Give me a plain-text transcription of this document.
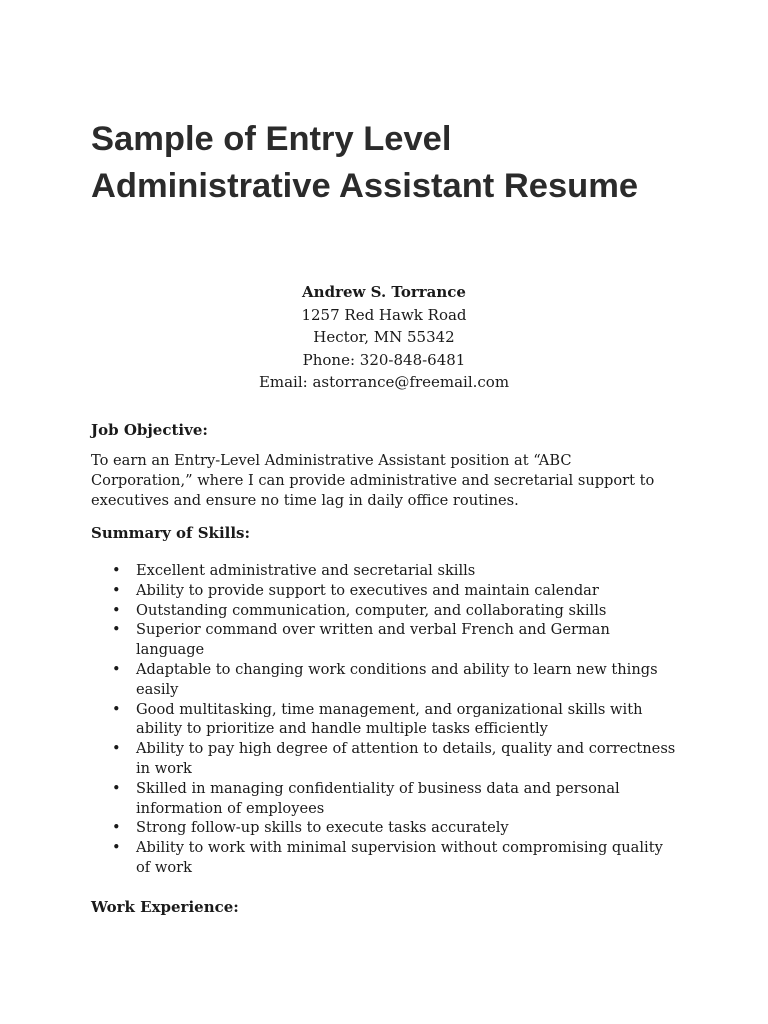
Sample of Entry Level
Administrative Assistant Resume
Andrew S. Torrance
1257 Red Hawk Road
Hector, MN 55342
Phone: 320-848-6481
Email: astorrance@freemail.com
Job Objective:

To earn an Entry-Level Administrative Assistant position at “ABC Corporation,” where I can provide administrative and secretarial support to executives and ensure no time lag in daily office routines.

Summary of Skills:
• Excellent administrative and secretarial skills
• Ability to provide support to executives and maintain calendar
• Outstanding communication, computer, and collaborating skills
• Superior command over written and verbal French and German language
• Adaptable to changing work conditions and ability to learn new things easily
• Good multitasking, time management, and organizational skills with ability to prioritize and handle multiple tasks efficiently
• Ability to pay high degree of attention to details, quality and correctness in work
• Skilled in managing confidentiality of business data and personal information of employees
• Strong follow-up skills to execute tasks accurately
• Ability to work with minimal supervision without compromising quality of work
Work Experience:
